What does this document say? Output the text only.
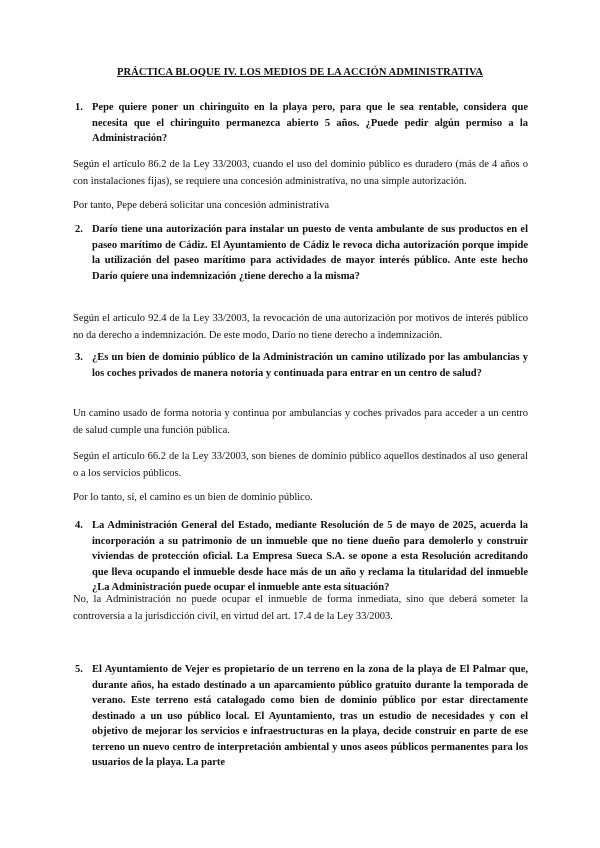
PRÁCTICA BLOQUE IV. LOS MEDIOS DE LA ACCIÓN ADMINISTRATIVA
1. Pepe quiere poner un chiringuito en la playa pero, para que le sea rentable, considera que necesita que el chiringuito permanezca abierto 5 años. ¿Puede pedir algún permiso a la Administración?
Según el artículo 86.2 de la Ley 33/2003, cuando el uso del dominio público es duradero (más de 4 años o con instalaciones fijas), se requiere una concesión administrativa, no una simple autorización.
Por tanto, Pepe deberá solicitar una concesión administrativa
2. Darío tiene una autorización para instalar un puesto de venta ambulante de sus productos en el paseo marítimo de Cádiz. El Ayuntamiento de Cádiz le revoca dicha autorización porque impide la utilización del paseo marítimo para actividades de mayor interés público. Ante este hecho Darío quiere una indemnización ¿tiene derecho a la misma?
Según el artículo 92.4 de la Ley 33/2003, la revocación de una autorización por motivos de interés público no da derecho a indemnización. De este modo, Darío no tiene derecho a indemnización.
3. ¿Es un bien de dominio público de la Administración un camino utilizado por las ambulancias y los coches privados de manera notoria y continuada para entrar en un centro de salud?
Un camino usado de forma notoria y continua por ambulancias y coches privados para acceder a un centro de salud cumple una función pública.
Según el artículo 66.2 de la Ley 33/2003, son bienes de dominio público aquellos destinados al uso general o a los servicios públicos.
Por lo tanto, sí, el camino es un bien de dominio público.
4. La Administración General del Estado, mediante Resolución de 5 de mayo de 2025, acuerda la incorporación a su patrimonio de un inmueble que no tiene dueño para demolerlo y construir viviendas de protección oficial. La Empresa Sueca S.A. se opone a esta Resolución acreditando que lleva ocupando el inmueble desde hace más de un año y reclama la titularidad del inmueble ¿La Administración puede ocupar el inmueble ante esta situación?
No, la Administración no puede ocupar el inmueble de forma inmediata, sino que deberá someter la controversia a la jurisdicción civil, en virtud del art. 17.4 de la Ley 33/2003.
5. El Ayuntamiento de Vejer es propietario de un terreno en la zona de la playa de El Palmar que, durante años, ha estado destinado a un aparcamiento público gratuito durante la temporada de verano. Este terreno está catalogado como bien de dominio público por estar directamente destinado a un uso público local. El Ayuntamiento, tras un estudio de necesidades y con el objetivo de mejorar los servicios e infraestructuras en la playa, decide construir en parte de ese terreno un nuevo centro de interpretación ambiental y unos aseos públicos permanentes para los usuarios de la playa. La parte
